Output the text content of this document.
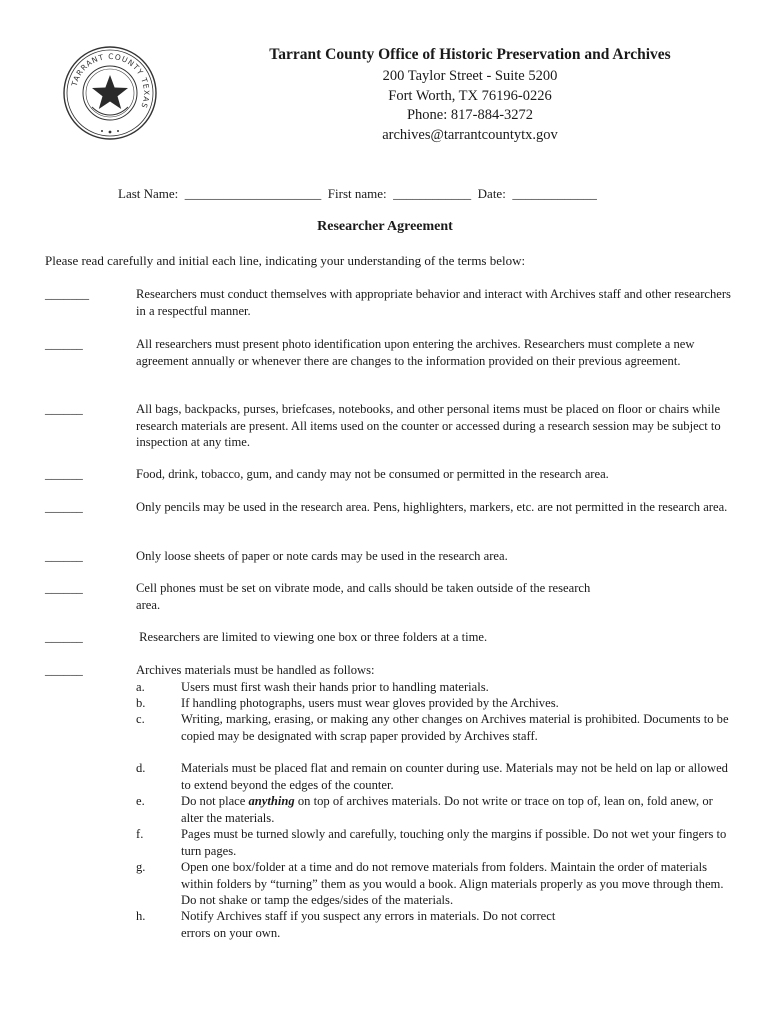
TARRANT COUNTY TEXAS
Tarrant County Office of Historic Preservation and Archives
200 Taylor Street - Suite 5200
Fort Worth, TX 76196-0226
Phone: 817-884-3272
archives@tarrantcountytx.gov
Last Name: _____________________ First name: ____________ Date: _____________
Researcher Agreement
Please read carefully and initial each line, indicating your understanding of the terms below:
_______	Researchers must conduct themselves with appropriate behavior and interact with Archives staff and other researchers in a respectful manner.
______	All researchers must present photo identification upon entering the archives. Researchers must complete a new agreement annually or whenever there are changes to the information provided on their previous agreement.
______	All bags, backpacks, purses, briefcases, notebooks, and other personal items must be placed on floor or chairs while research materials are present. All items used on the counter or accessed during a research session may be subject to inspection at any time.
______	Food, drink, tobacco, gum, and candy may not be consumed or permitted in the research area.
______	Only pencils may be used in the research area. Pens, highlighters, markers, etc. are not permitted in the research area.
______	Only loose sheets of paper or note cards may be used in the research area.
______	Cell phones must be set on vibrate mode, and calls should be taken outside of the research area.
______	Researchers are limited to viewing one box or three folders at a time.
______	Archives materials must be handled as follows:
a.	Users must first wash their hands prior to handling materials.
b.	If handling photographs, users must wear gloves provided by the Archives.
c.	Writing, marking, erasing, or making any other changes on Archives material is prohibited. Documents to be copied may be designated with scrap paper provided by Archives staff.
d.	Materials must be placed flat and remain on counter during use. Materials may not be held on lap or allowed to extend beyond the edges of the counter.
e.	Do not place anything on top of archives materials. Do not write or trace on top of, lean on, fold anew, or alter the materials.
f.	Pages must be turned slowly and carefully, touching only the margins if possible. Do not wet your fingers to turn pages.
g.	Open one box/folder at a time and do not remove materials from folders. Maintain the order of materials within folders by “turning” them as you would a book. Align materials properly as you move through them. Do not shake or tamp the edges/sides of the materials.
h.	Notify Archives staff if you suspect any errors in materials. Do not correct errors on your own.
